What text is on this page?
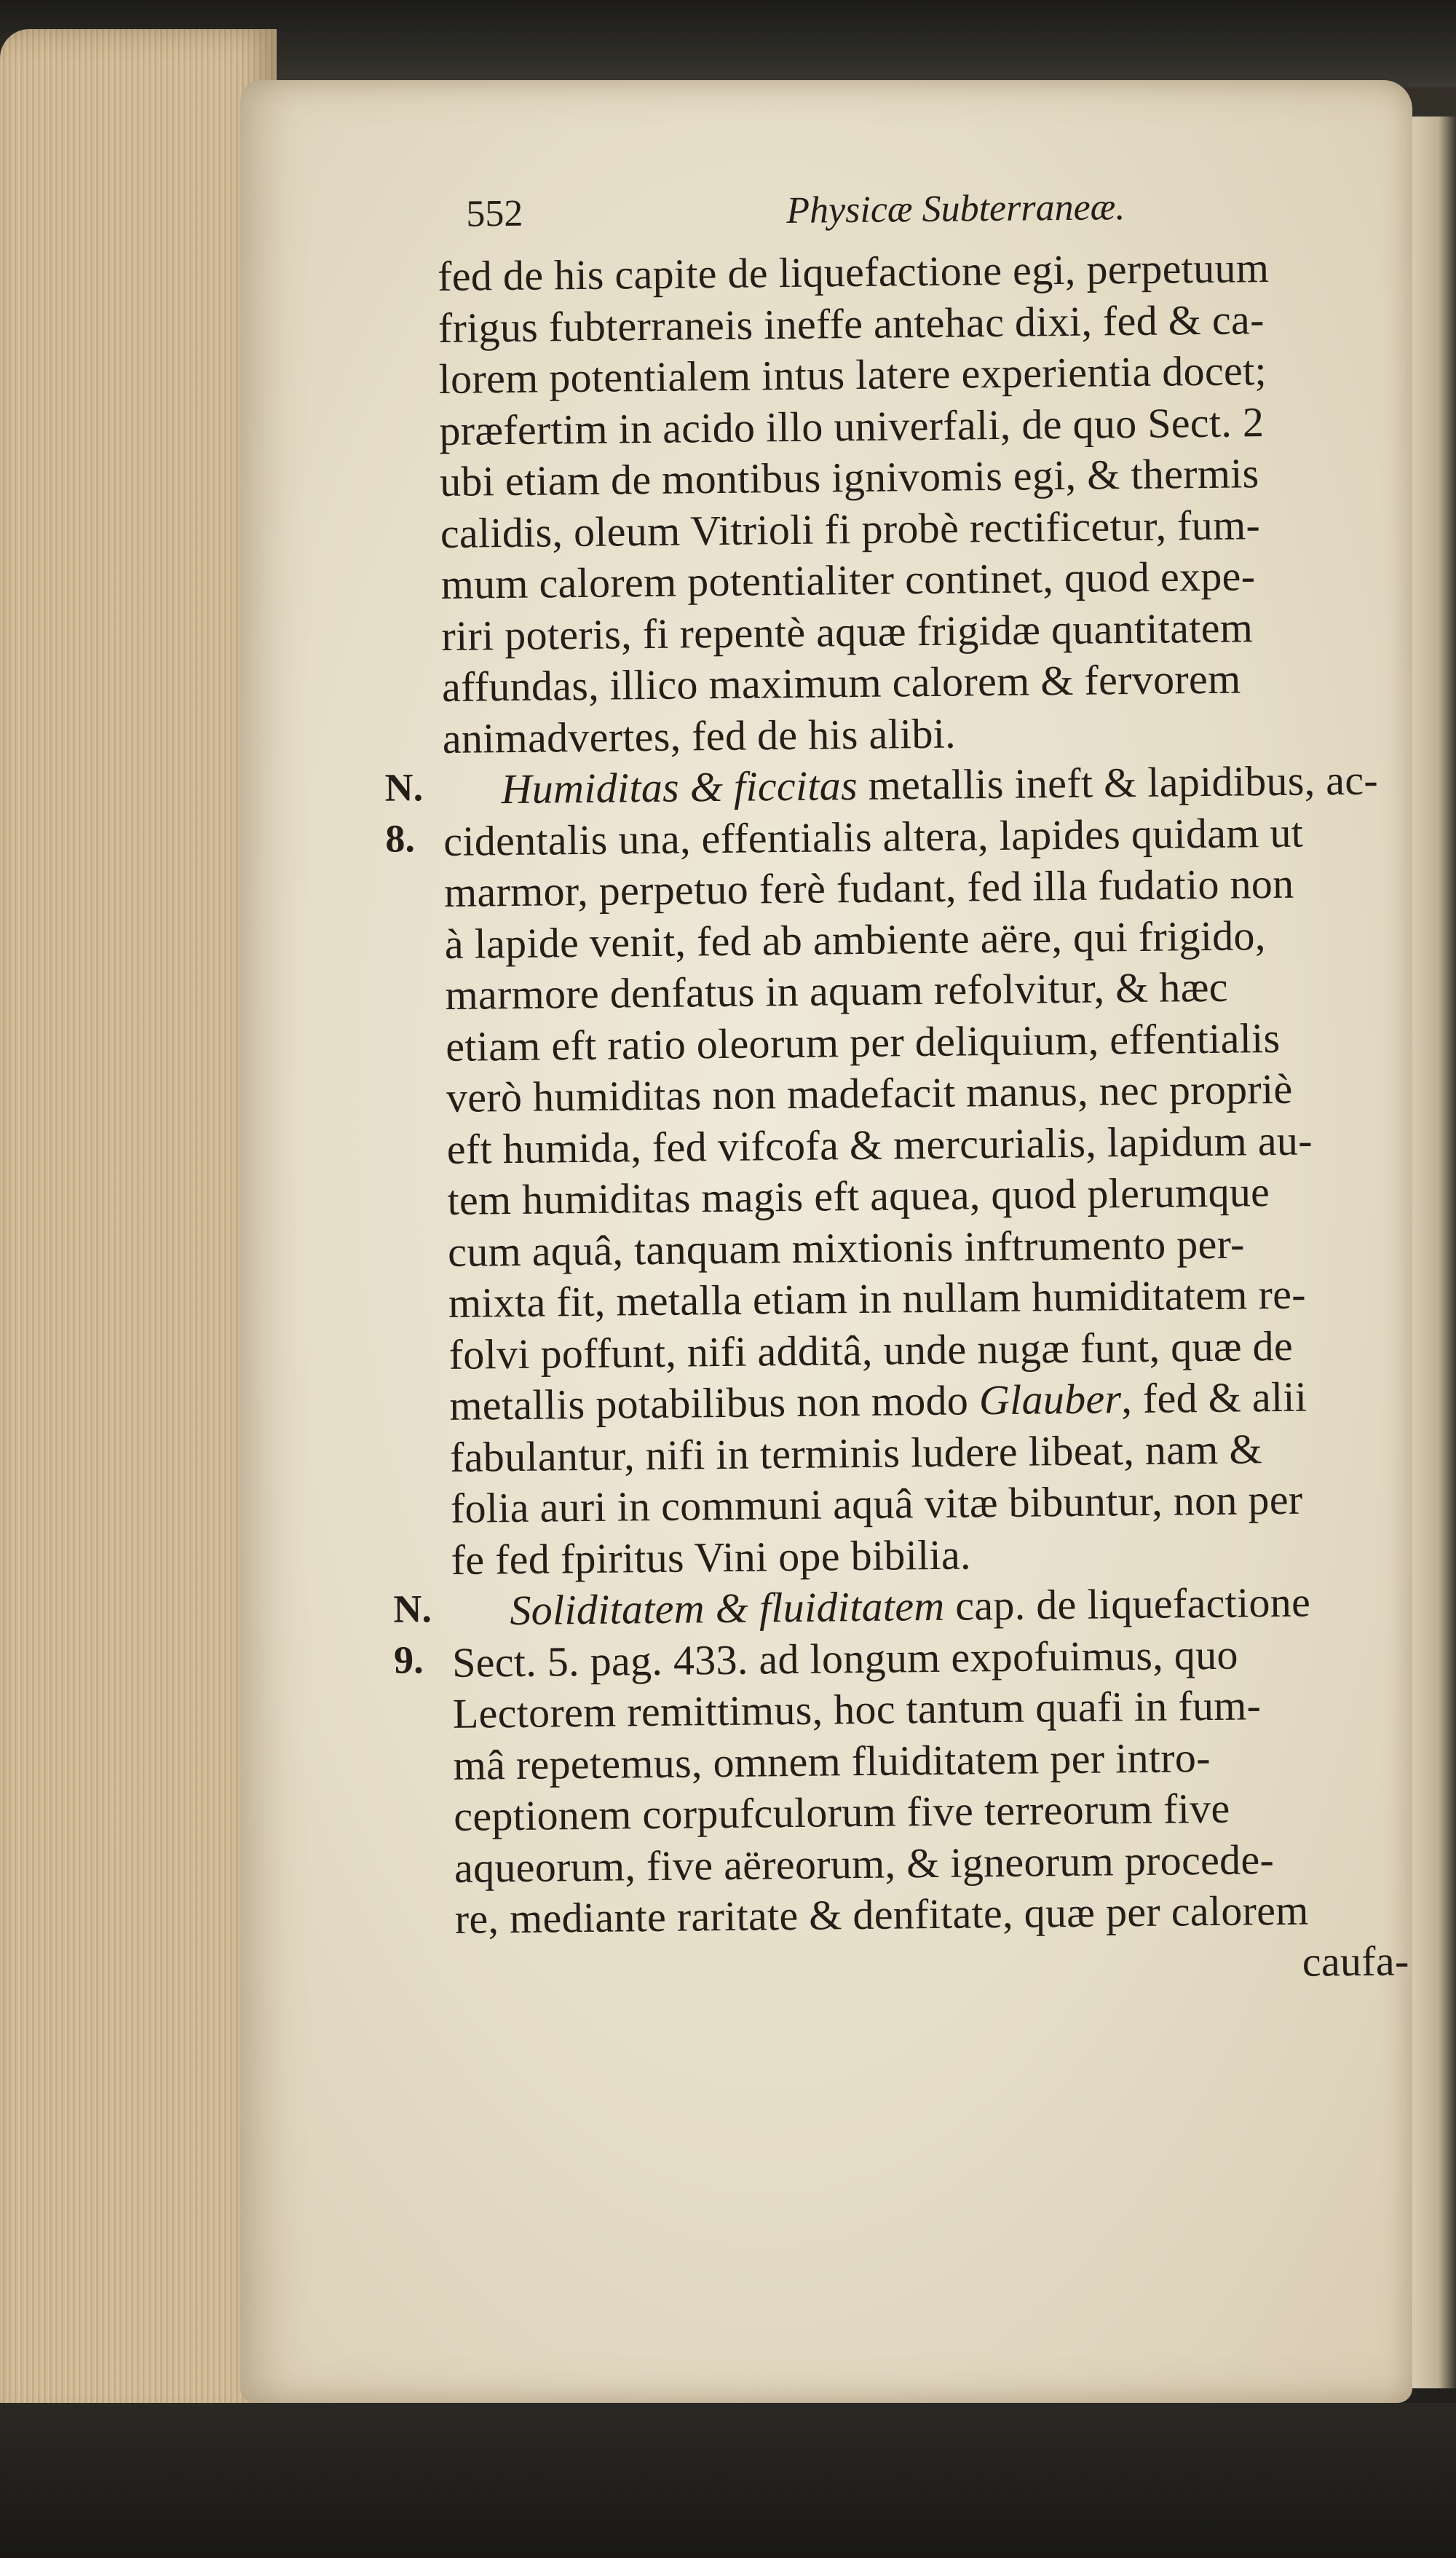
552	Physicæ Subterraneæ.
fed de his capite de liquefactione egi, perpetuum
frigus fubterraneis ineffe antehac dixi, fed & ca-
lorem potentialem intus latere experientia docet;
præfertim in acido illo univerfali, de quo Sect. 2
ubi etiam de montibus ignivomis egi, & thermis
calidis, oleum Vitrioli fi probè rectificetur, fum-
mum calorem potentialiter continet, quod expe-
riri poteris, fi repentè aquæ frigidæ quantitatem
affundas, illico maximum calorem & fervorem
animadvertes, fed de his alibi.
N.
8.
Humiditas & ficcitas metallis ineft & lapidibus, ac-
cidentalis una, effentialis altera, lapides quidam ut
marmor, perpetuo ferè fudant, fed illa fudatio non
à lapide venit, fed ab ambiente aëre, qui frigido,
marmore denfatus in aquam refolvitur, & hæc
etiam eft ratio oleorum per deliquium, effentialis
verò humiditas non madefacit manus, nec propriè
eft humida, fed vifcofa & mercurialis, lapidum au-
tem humiditas magis eft aquea, quod plerumque
cum aquâ, tanquam mixtionis inftrumento per-
mixta fit, metalla etiam in nullam humiditatem re-
folvi poffunt, nifi additâ, unde nugæ funt, quæ de
metallis potabilibus non modo Glauber, fed & alii
fabulantur, nifi in terminis ludere libeat, nam &
folia auri in communi aquâ vitæ bibuntur, non per
fe fed fpiritus Vini ope bibilia.
N.
9.
Soliditatem & fluiditatem cap. de liquefactione
Sect. 5. pag. 433. ad longum expofuimus, quo
Lectorem remittimus, hoc tantum quafi in fum-
mâ repetemus, omnem fluiditatem per intro-
ceptionem corpufculorum five terreorum five
aqueorum, five aëreorum, & igneorum procede-
re, mediante raritate & denfitate, quæ per calorem
caufa-
